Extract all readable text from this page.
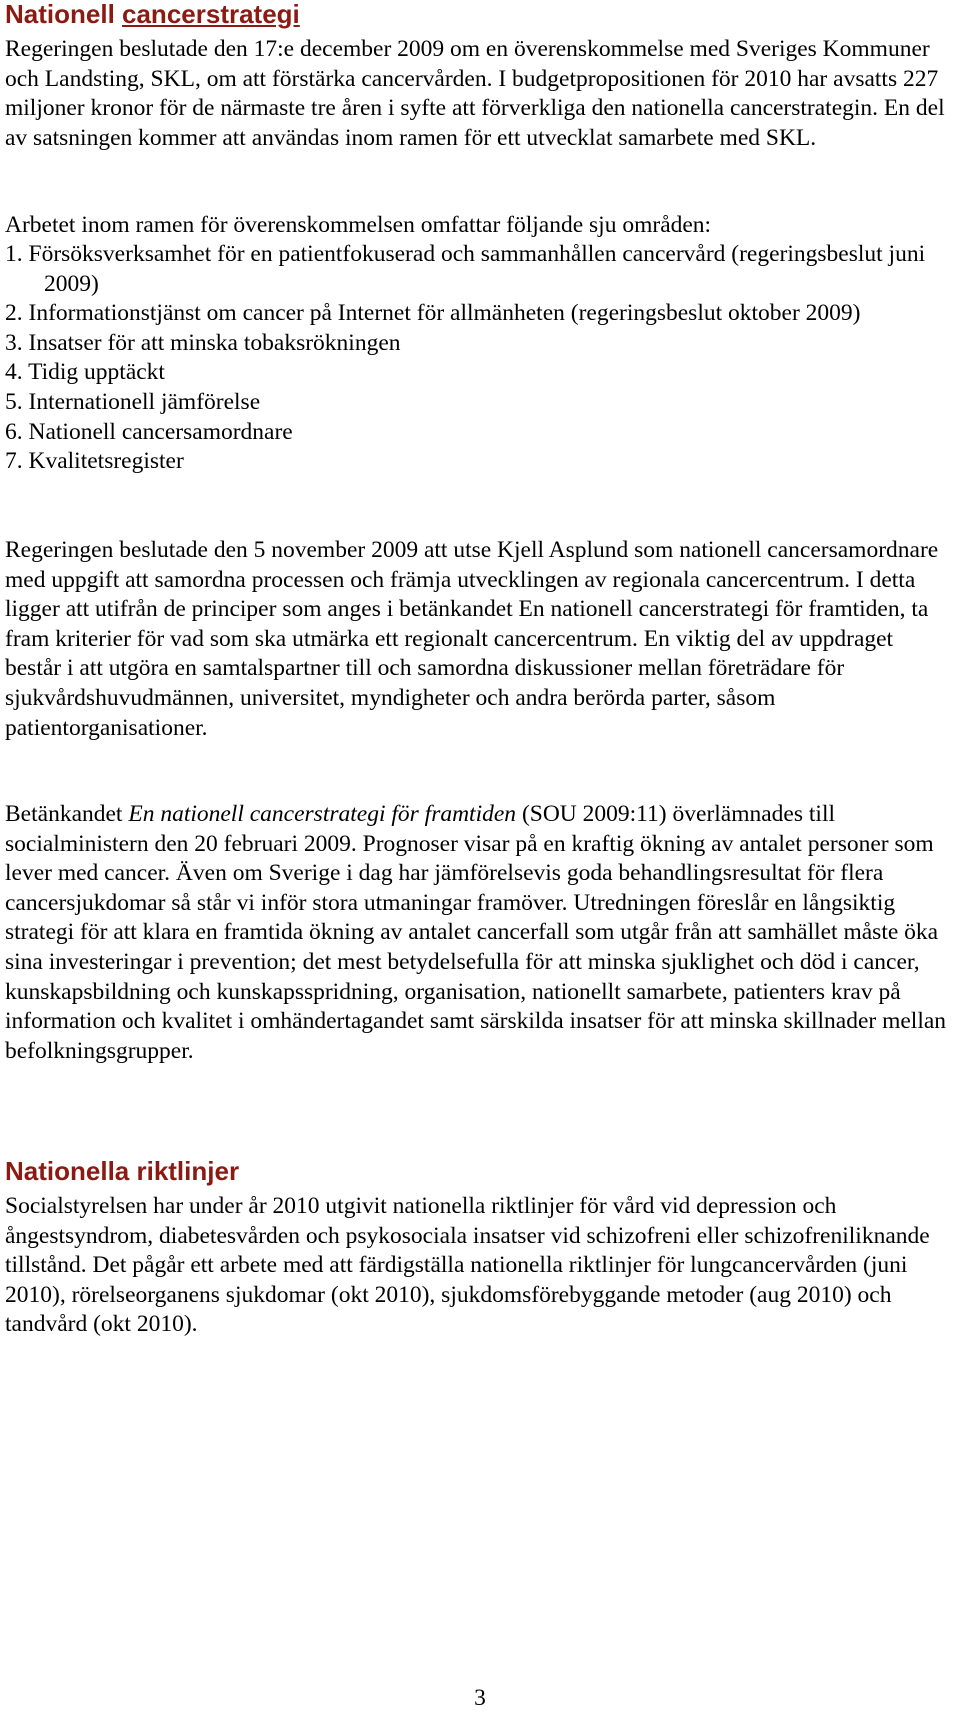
Nationell cancerstrategi

Regeringen beslutade den 17:e december 2009 om en överenskommelse med Sveriges Kommuner och Landsting, SKL, om att förstärka cancervården. I budgetpropositionen för 2010 har avsatts 227 miljoner kronor för de närmaste tre åren i syfte att förverkliga den nationella cancerstrategin. En del av satsningen kommer att användas inom ramen för ett utvecklat samarbete med SKL.

Arbetet inom ramen för överenskommelsen omfattar följande sju områden:

1. Försöksverksamhet för en patientfokuserad och sammanhållen cancervård (regeringsbeslut juni 2009)
2. Informationstjänst om cancer på Internet för allmänheten (regeringsbeslut oktober 2009)
3. Insatser för att minska tobaksrökningen
4. Tidig upptäckt
5. Internationell jämförelse
6. Nationell cancersamordnare
7. Kvalitetsregister

Regeringen beslutade den 5 november 2009 att utse Kjell Asplund som nationell cancersamordnare med uppgift att samordna processen och främja utvecklingen av regionala cancercentrum. I detta ligger att utifrån de principer som anges i betänkandet En nationell cancerstrategi för framtiden, ta fram kriterier för vad som ska utmärka ett regionalt cancercentrum. En viktig del av uppdraget består i att utgöra en samtalspartner till och samordna diskussioner mellan företrädare för sjukvårdshuvudmännen, universitet, myndigheter och andra berörda parter, såsom patientorganisationer.

Betänkandet En nationell cancerstrategi för framtiden (SOU 2009:11) överlämnades till socialministern den 20 februari 2009. Prognoser visar på en kraftig ökning av antalet personer som lever med cancer. Även om Sverige i dag har jämförelsevis goda behandlingsresultat för flera cancersjukdomar så står vi inför stora utmaningar framöver. Utredningen föreslår en långsiktig strategi för att klara en framtida ökning av antalet cancerfall som utgår från att samhället måste öka sina investeringar i prevention; det mest betydelsefulla för att minska sjuklighet och död i cancer, kunskapsbildning och kunskapsspridning, organisation, nationellt samarbete, patienters krav på information och kvalitet i omhändertagandet samt särskilda insatser för att minska skillnader mellan befolkningsgrupper.

Nationella riktlinjer

Socialstyrelsen har under år 2010 utgivit nationella riktlinjer för vård vid depression och ångestsyndrom, diabetesvården och psykosociala insatser vid schizofreni eller schizofreniliknande tillstånd. Det pågår ett arbete med att färdigställa nationella riktlinjer för lungcancervården (juni 2010), rörelseorganens sjukdomar (okt 2010), sjukdomsförebyggande metoder (aug 2010) och tandvård (okt 2010).

3
